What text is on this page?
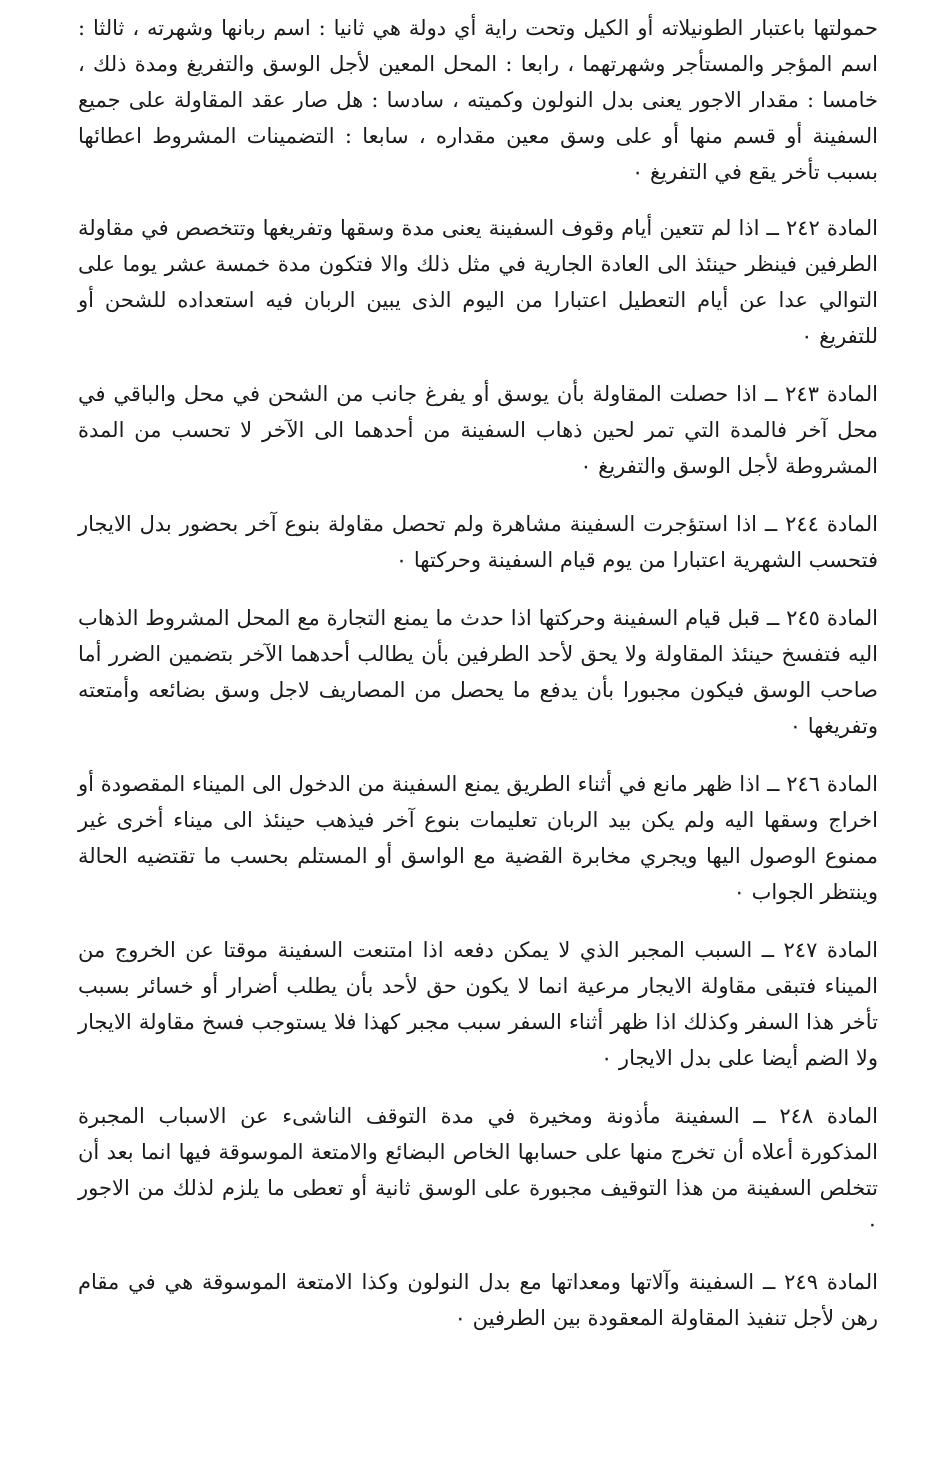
حمولتها باعتبار الطونيلاته أو الكيل وتحت راية أي دولة هي ثانيا : اسم ربانها وشهرته ، ثالثا : اسم المؤجر والمستأجر وشهرتهما ، رابعا : المحل المعين لأجل الوسق والتفريغ ومدة ذلك ، خامسا : مقدار الاجور يعنى بدل النولون وكميته ، سادسا : هل صار عقد المقاولة على جميع السفينة أو قسم منها أو على وسق معين مقداره ، سابعا : التضمينات المشروط اعطائها بسبب تأخر يقع في التفريغ ٠

المادة ٢٤٢ ــ اذا لم تتعين أيام وقوف السفينة يعنى مدة وسقها وتفريغها وتتخصص في مقاولة الطرفين فينظر حينئذ الى العادة الجارية في مثل ذلك والا فتكون مدة خمسة عشر يوما على التوالي عدا عن أيام التعطيل اعتبارا من اليوم الذى يبين الربان فيه استعداده للشحن أو للتفريغ ٠

المادة ٢٤٣ ــ اذا حصلت المقاولة بأن يوسق أو يفرغ جانب من الشحن في محل والباقي في محل آخر فالمدة التي تمر لحين ذهاب السفينة من أحدهما الى الآخر لا تحسب من المدة المشروطة لأجل الوسق والتفريغ ٠

المادة ٢٤٤ ــ اذا استؤجرت السفينة مشاهرة ولم تحصل مقاولة بنوع آخر بحضور بدل الايجار فتحسب الشهرية اعتبارا من يوم قيام السفينة وحركتها ٠

المادة ٢٤٥ ــ قبل قيام السفينة وحركتها اذا حدث ما يمنع التجارة مع المحل المشروط الذهاب اليه فتفسخ حينئذ المقاولة ولا يحق لأحد الطرفين بأن يطالب أحدهما الآخر بتضمين الضرر أما صاحب الوسق فيكون مجبورا بأن يدفع ما يحصل من المصاريف لاجل وسق بضائعه وأمتعته وتفريغها ٠

المادة ٢٤٦ ــ اذا ظهر مانع في أثناء الطريق يمنع السفينة من الدخول الى الميناء المقصودة أو اخراج وسقها اليه ولم يكن بيد الربان تعليمات بنوع آخر فيذهب حينئذ الى ميناء أخرى غير ممنوع الوصول اليها ويجري مخابرة القضية مع الواسق أو المستلم بحسب ما تقتضيه الحالة وينتظر الجواب ٠

المادة ٢٤٧ ــ السبب المجبر الذي لا يمكن دفعه اذا امتنعت السفينة موقتا عن الخروج من الميناء فتبقى مقاولة الايجار مرعية انما لا يكون حق لأحد بأن يطلب أضرار أو خسائر بسبب تأخر هذا السفر وكذلك اذا ظهر أثناء السفر سبب مجبر كهذا فلا يستوجب فسخ مقاولة الايجار ولا الضم أيضا على بدل الايجار ٠

المادة ٢٤٨ ــ السفينة مأذونة ومخيرة في مدة التوقف الناشىء عن الاسباب المجبرة المذكورة أعلاه أن تخرج منها على حسابها الخاص البضائع والامتعة الموسوقة فيها انما بعد أن تتخلص السفينة من هذا التوقيف مجبورة على الوسق ثانية أو تعطى ما يلزم لذلك من الاجور ٠

المادة ٢٤٩ ــ السفينة وآلاتها ومعداتها مع بدل النولون وكذا الامتعة الموسوقة هي في مقام رهن لأجل تنفيذ المقاولة المعقودة بين الطرفين ٠
